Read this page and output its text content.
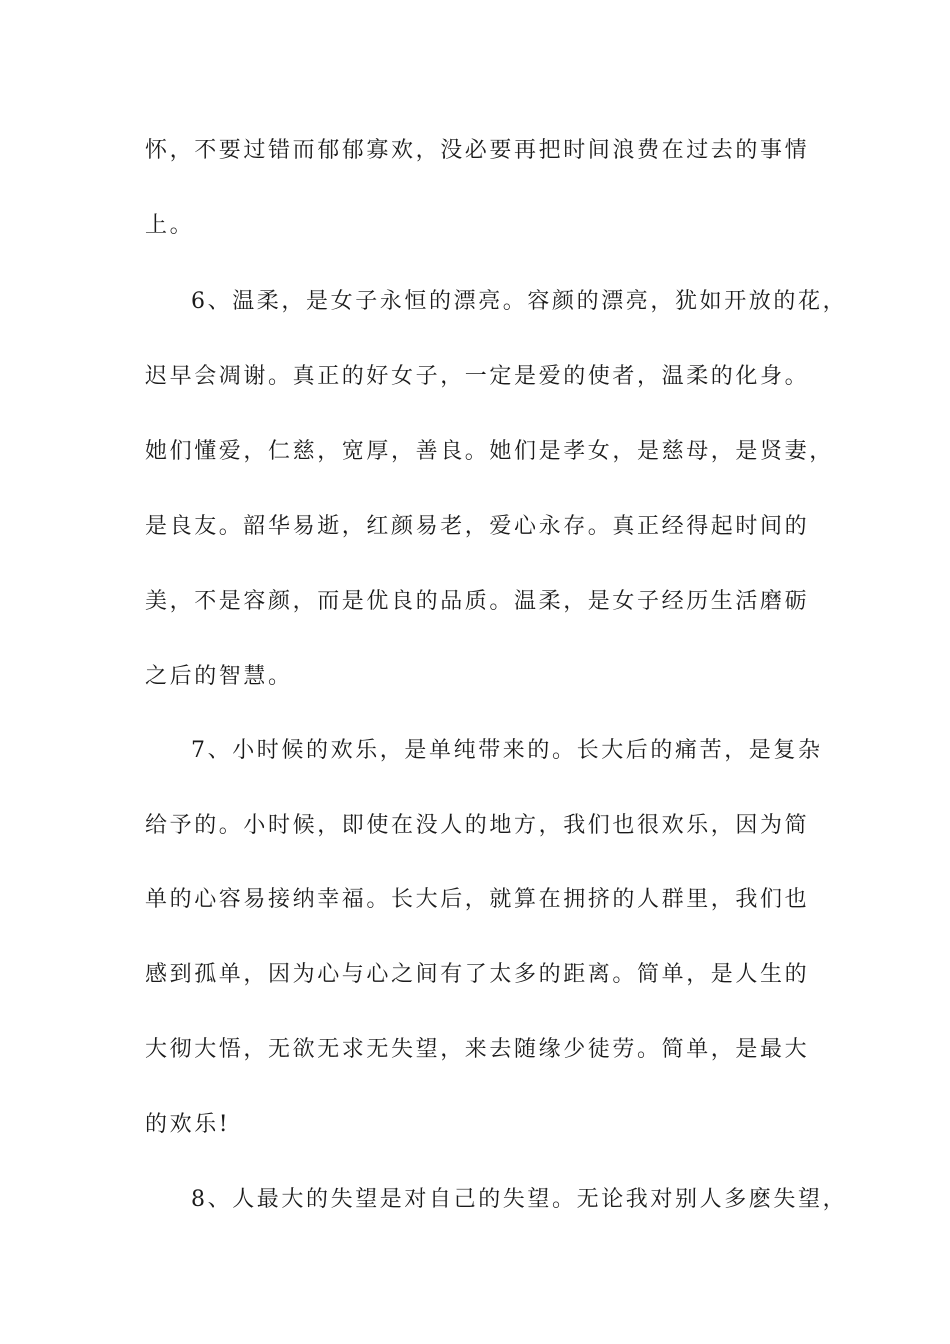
怀，不要过错而郁郁寡欢，没必要再把时间浪费在过去的事情
上。
6、温柔，是女子永恒的漂亮。容颜的漂亮，犹如开放的花，
迟早会凋谢。真正的好女子，一定是爱的使者，温柔的化身。
她们懂爱，仁慈，宽厚，善良。她们是孝女，是慈母，是贤妻，
是良友。韶华易逝，红颜易老，爱心永存。真正经得起时间的
美，不是容颜，而是优良的品质。温柔，是女子经历生活磨砺
之后的智慧。
7、小时候的欢乐，是单纯带来的。长大后的痛苦，是复杂
给予的。小时候，即使在没人的地方，我们也很欢乐，因为简
单的心容易接纳幸福。长大后，就算在拥挤的人群里，我们也
感到孤单，因为心与心之间有了太多的距离。简单，是人生的
大彻大悟，无欲无求无失望，来去随缘少徒劳。简单，是最大
的欢乐!
8、人最大的失望是对自己的失望。无论我对别人多麽失望，
